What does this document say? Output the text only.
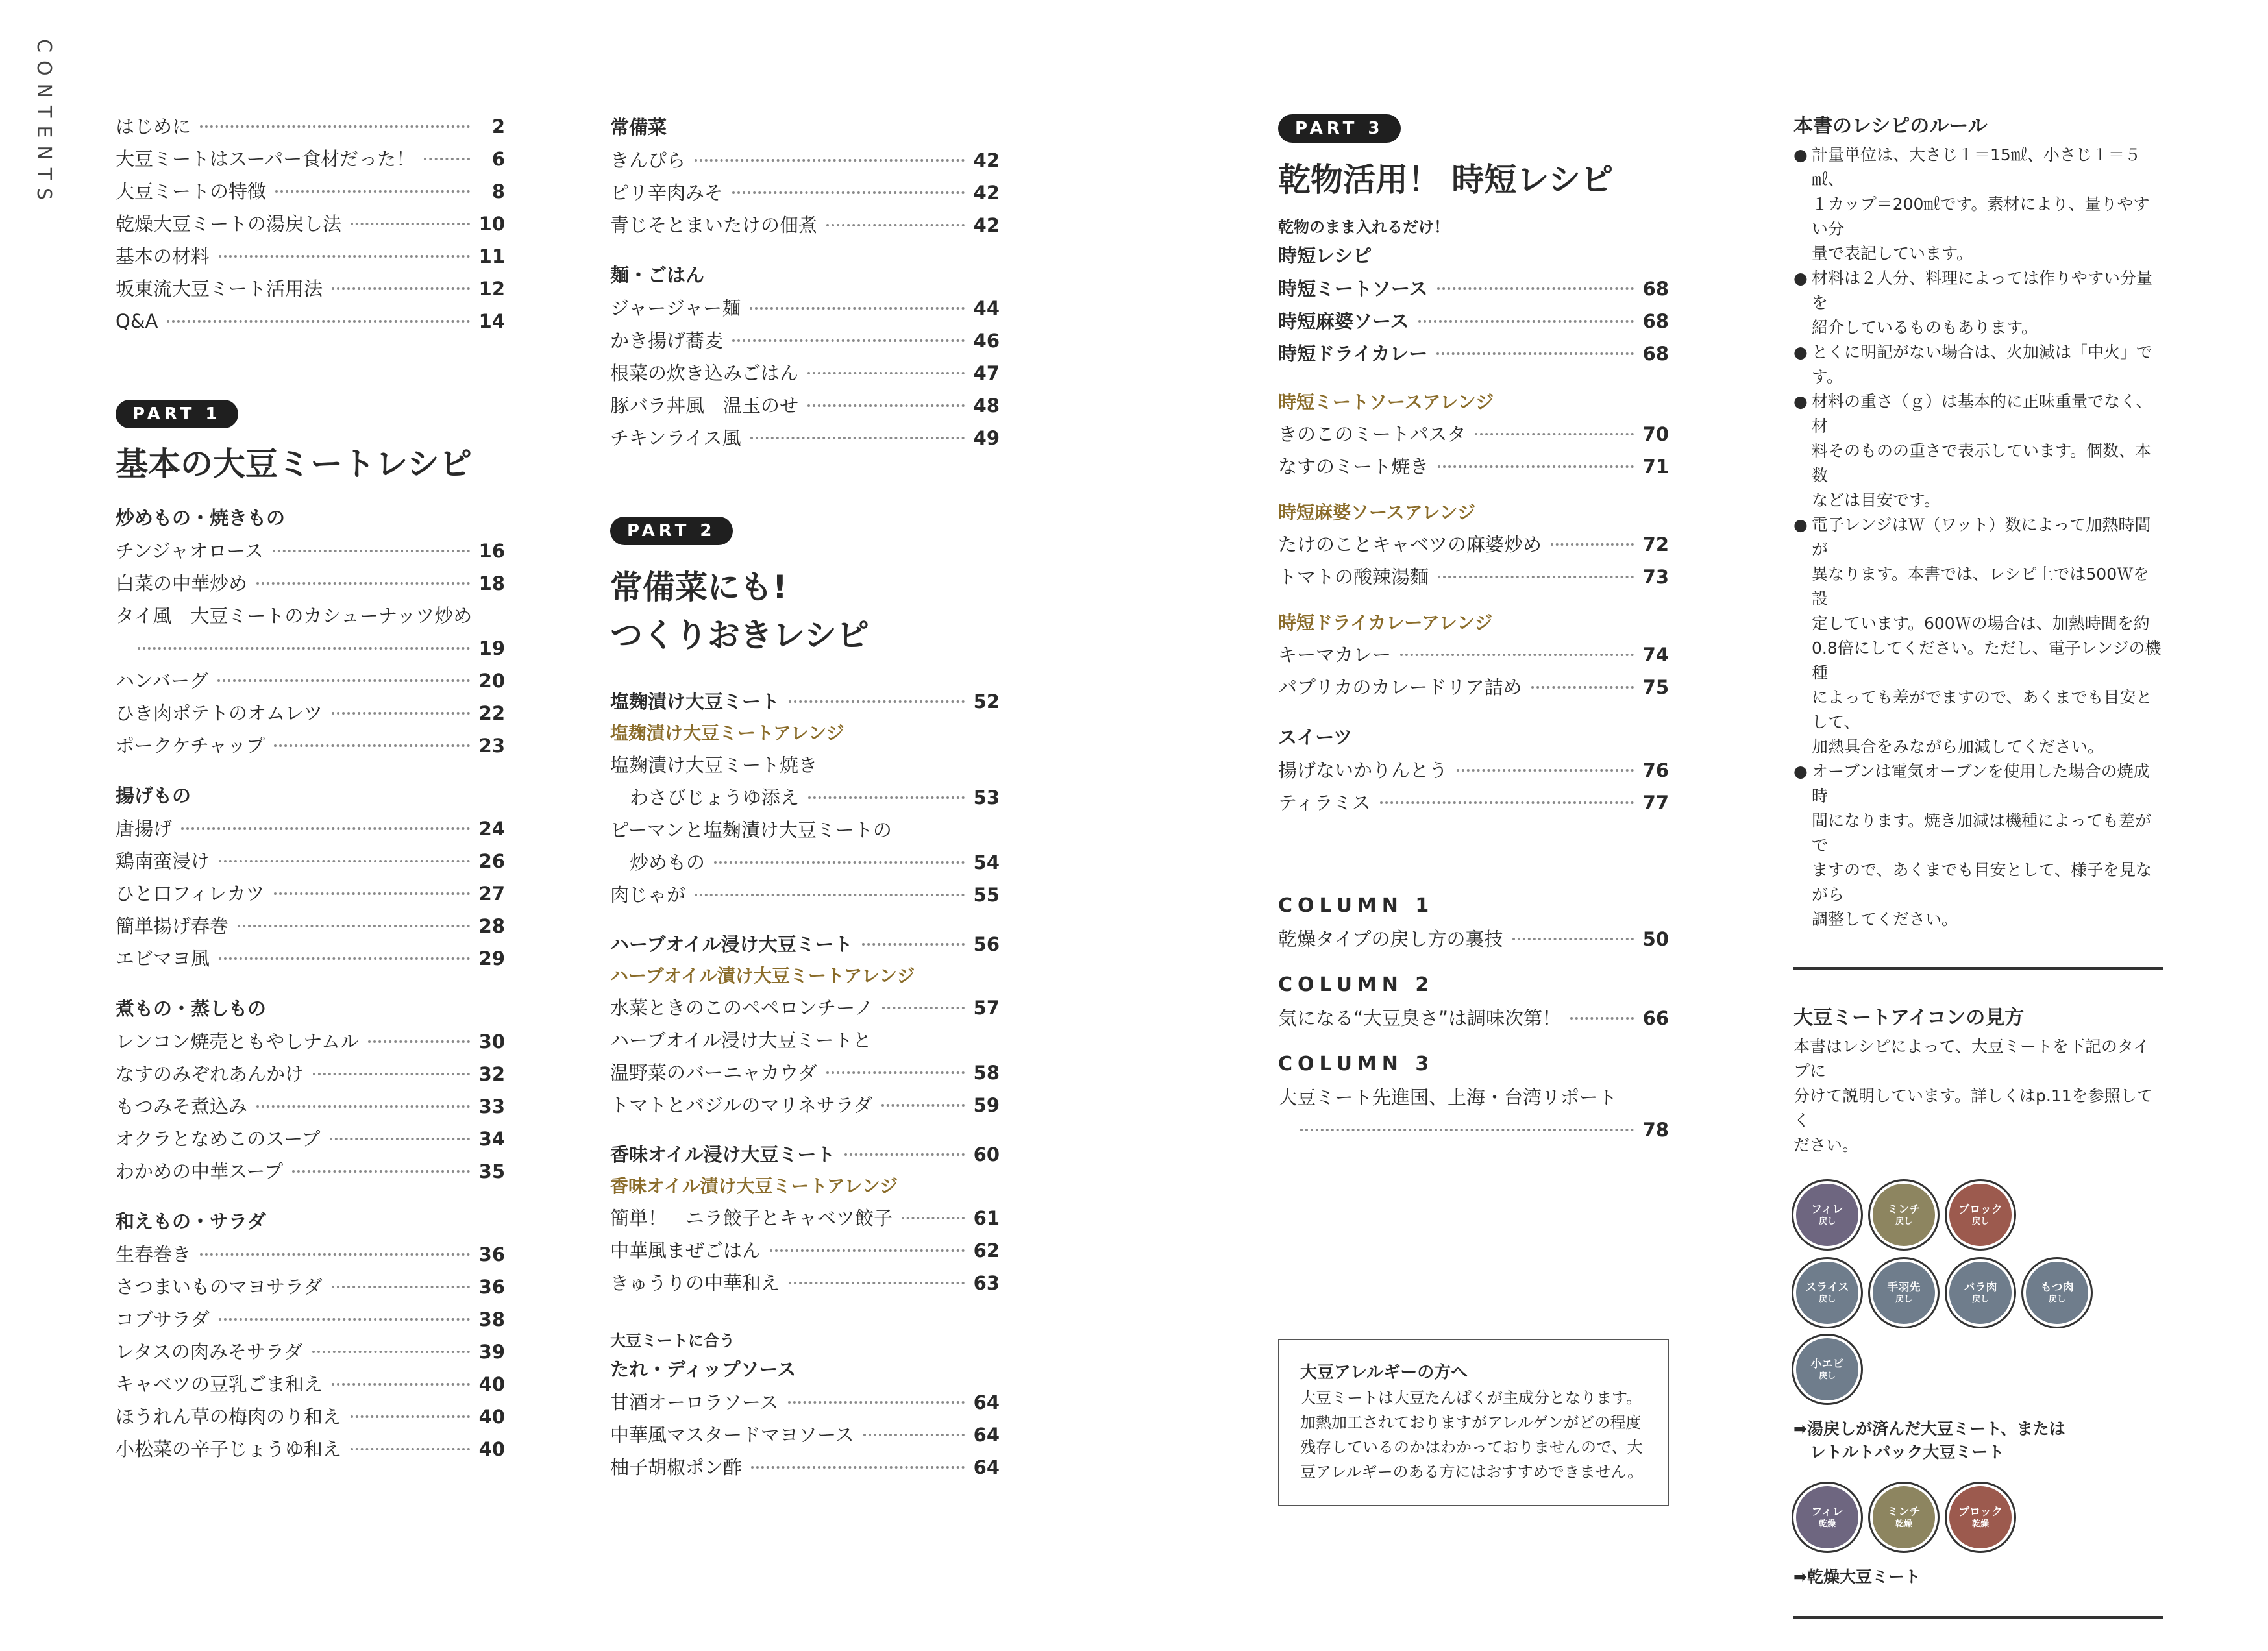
CONTENTS	はじめに	2
大豆ミートはスーパー食材だった！	6
大豆ミートの特徴	8
乾燥大豆ミートの湯戻し法	10
基本の材料	11
坂東流大豆ミート活用法	12
Q&A	14
PART 1
基本の大豆ミートレシピ
炒めもの・焼きもの
チンジャオロース	16
白菜の中華炒め	18
タイ風　大豆ミートのカシューナッツ炒め
19
ハンバーグ	20
ひき肉ポテトのオムレツ	22
ポークケチャップ	23
揚げもの
唐揚げ	24
鶏南蛮浸け	26
ひと口フィレカツ	27
簡単揚げ春巻	28
エビマヨ風	29
煮もの・蒸しもの
レンコン焼売ともやしナムル	30
なすのみぞれあんかけ	32
もつみそ煮込み	33
オクラとなめこのスープ	34
わかめの中華スープ	35
和えもの・サラダ
生春巻き	36
さつまいものマヨサラダ	36
コブサラダ	38
レタスの肉みそサラダ	39
キャベツの豆乳ごま和え	40
ほうれん草の梅肉のり和え	40
小松菜の辛子じょうゆ和え	40
常備菜
きんぴら	42
ピリ辛肉みそ	42
青じそとまいたけの佃煮	42
麺・ごはん
ジャージャー麺	44
かき揚げ蕎麦	46
根菜の炊き込みごはん	47
豚バラ丼風　温玉のせ	48
チキンライス風	49
PART 2
常備菜にも!
つくりおきレシピ
塩麹漬け大豆ミート	52
塩麹漬け大豆ミートアレンジ
塩麹漬け大豆ミート焼き
わさびじょうゆ添え	53
ピーマンと塩麹漬け大豆ミートの
炒めもの	54
肉じゃが	55
ハーブオイル浸け大豆ミート	56
ハーブオイル漬け大豆ミートアレンジ
水菜ときのこのペペロンチーノ	57
ハーブオイル浸け大豆ミートと
温野菜のバーニャカウダ	58
トマトとバジルのマリネサラダ	59
香味オイル浸け大豆ミート	60
香味オイル漬け大豆ミートアレンジ
簡単！　ニラ餃子とキャベツ餃子	61
中華風まぜごはん	62
きゅうりの中華和え	63
大豆ミートに合う
たれ・ディップソース
甘酒オーロラソース	64
中華風マスタードマヨソース	64
柚子胡椒ポン酢	64
PART 3
乾物活用！ 時短レシピ
乾物のまま入れるだけ！
時短レシピ
時短ミートソース	68
時短麻婆ソース	68
時短ドライカレー	68
時短ミートソースアレンジ
きのこのミートパスタ	70
なすのミート焼き	71
時短麻婆ソースアレンジ
たけのことキャベツの麻婆炒め	72
トマトの酸辣湯麵	73
時短ドライカレーアレンジ
キーマカレー	74
パプリカのカレードリア詰め	75
スイーツ
揚げないかりんとう	76
ティラミス	77
COLUMN 1
乾燥タイプの戻し方の裏技	50
COLUMN 2
気になる“大豆臭さ”は調味次第！	66
COLUMN 3
大豆ミート先進国、上海・台湾リポート
78
大豆アレルギーの方へ
大豆ミートは大豆たんぱくが主成分となります。
加熱加工されておりますがアレルゲンがどの程度
残存しているのかはわかっておりませんので、大
豆アレルギーのある方にはおすすめできません。
本書のレシピのルール
● 計量単位は、大さじ１＝15㎖、小さじ１＝５㎖、
１カップ＝200㎖です。素材により、量りやすい分
量で表記しています。
● 材料は２人分、料理によっては作りやすい分量を
紹介しているものもあります。
● とくに明記がない場合は、火加減は「中火」です。
● 材料の重さ（ｇ）は基本的に正味重量でなく、材
料そのものの重さで表示しています。個数、本数
などは目安です。
● 電子レンジはＷ（ワット）数によって加熱時間が
異なります。本書では、レシピ上では500Ｗを設
定しています。600Ｗの場合は、加熱時間を約
0.8倍にしてください。ただし、電子レンジの機種
によっても差がでますので、あくまでも目安として、
加熱具合をみながら加減してください。
● オーブンは電気オーブンを使用した場合の焼成時
間になります。焼き加減は機種によっても差がで
ますので、あくまでも目安として、様子を見ながら
調整してください。
大豆ミートアイコンの見方
本書はレシピによって、大豆ミートを下記のタイプに
分けて説明しています。詳しくはp.11を参照してく
ださい。
フィレ
戻し
ミンチ
戻し
ブロック
戻し
スライス
戻し
手羽先
戻し
バラ肉
戻し
もつ肉
戻し
小エビ
戻し
➡湯戻しが済んだ大豆ミート、または
　レトルトパック大豆ミート
フィレ
乾燥
ミンチ
乾燥
ブロック
乾燥
➡乾燥大豆ミート
